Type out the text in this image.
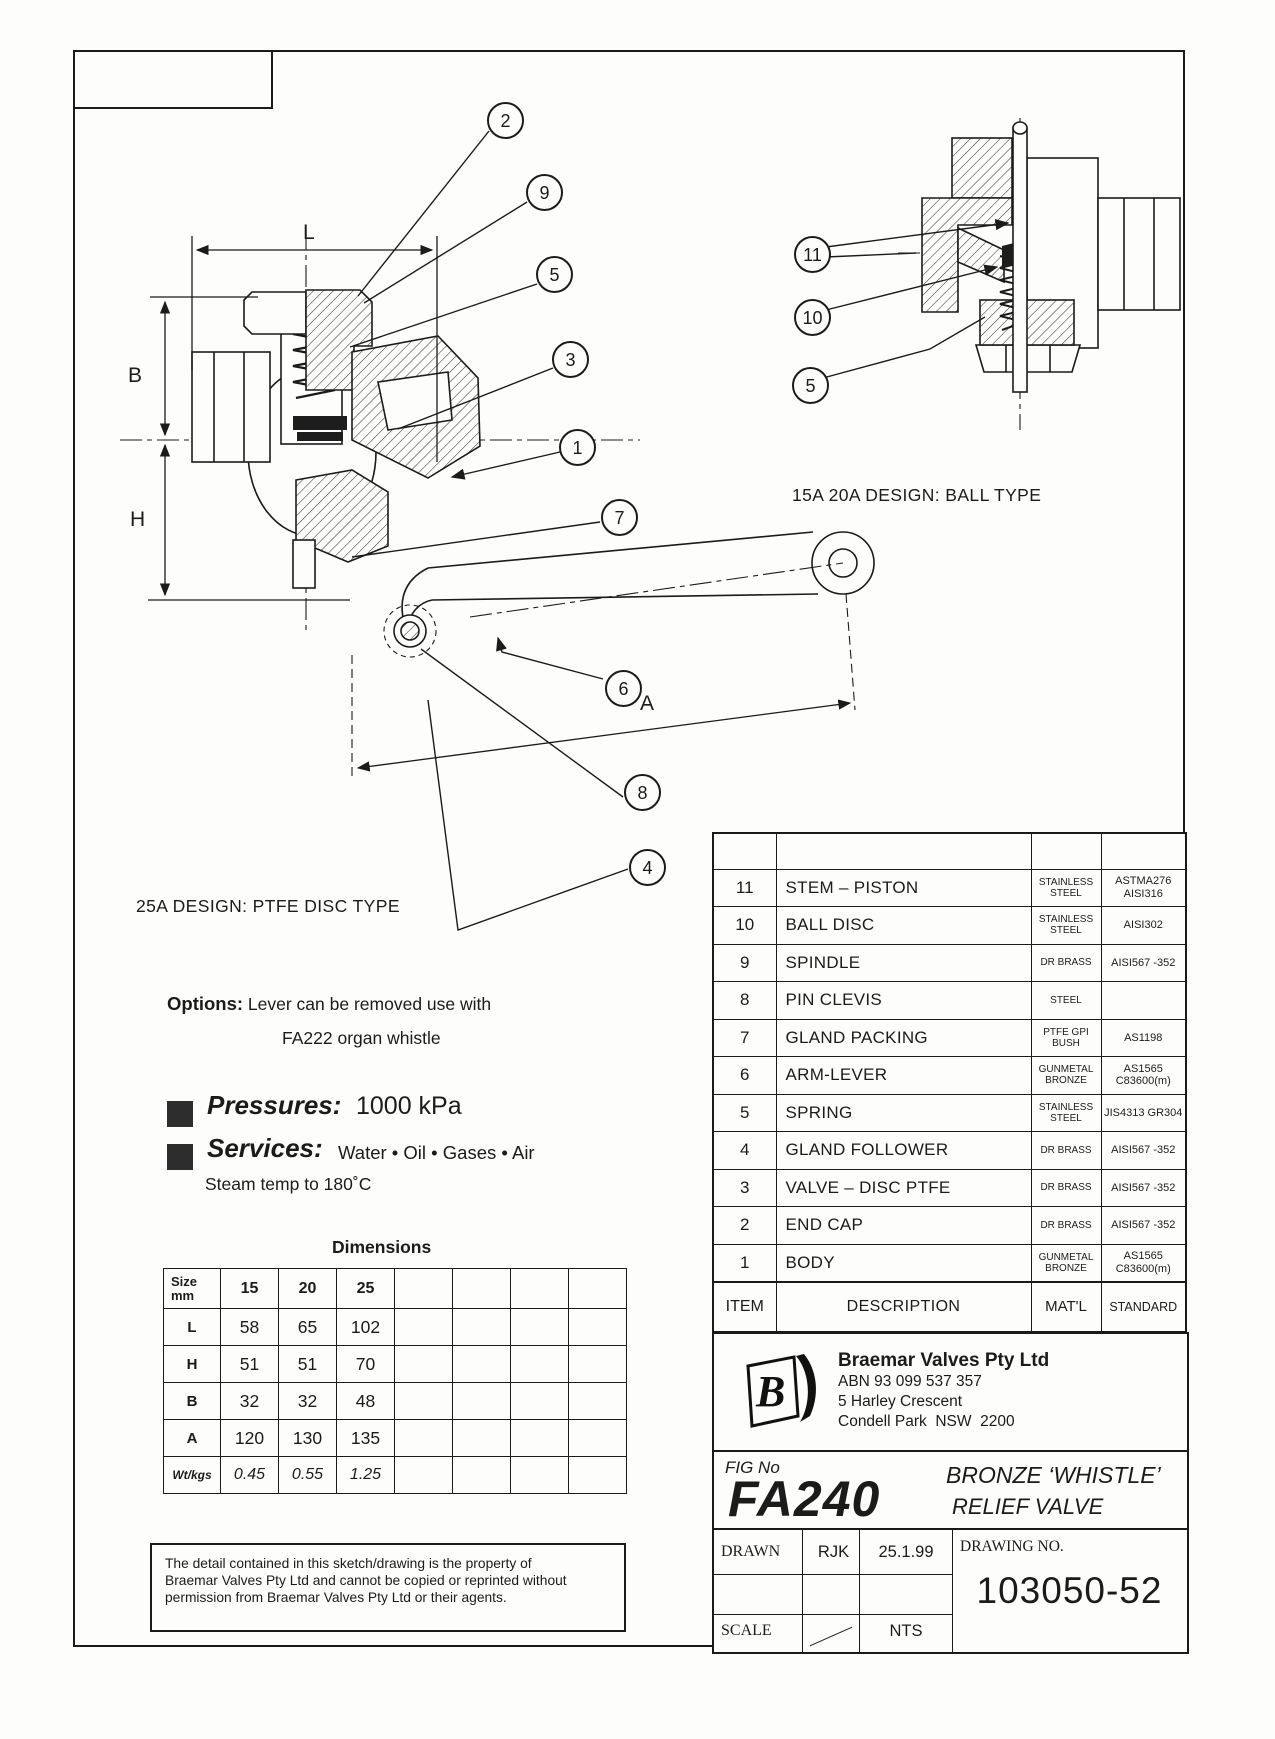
2
9
5
3
1
7
6
8
4
11
10
5
L
B
H
A
15A 20A DESIGN: BALL TYPE
25A DESIGN: PTFE DISC TYPE
Options: Lever can be removed use with
FA222 organ whistle
Pressures: 1000 kPa
Services: Water • Oil • Gases • Air
Steam temp to 180˚C
Dimensions
Size
mm	15	20	25				
L	58	65	102				
H	51	51	70				
B	32	32	48				
A	120	130	135				
Wt/kgs	0.45	0.55	1.25				

11	STEM – PISTON	STAINLESS STEEL	ASTMA276 AISI316
10	BALL DISC	STAINLESS STEEL	AISI302
9	SPINDLE	DR BRASS	AISI567 -352
8	PIN CLEVIS	STEEL	
7	GLAND PACKING	PTFE GPI BUSH	AS1198
6	ARM-LEVER	GUNMETAL BRONZE	AS1565 C83600(m)
5	SPRING	STAINLESS STEEL	JIS4313 GR304
4	GLAND FOLLOWER	DR BRASS	AISI567 -352
3	VALVE – DISC PTFE	DR BRASS	AISI567 -352
2	END CAP	DR BRASS	AISI567 -352
1	BODY	GUNMETAL BRONZE	AS1565 C83600(m)
ITEM	DESCRIPTION	MAT'L	STANDARD
B
Braemar Valves Pty Ltd
ABN 93 099 537 357
5 Harley Crescent
Condell Park  NSW  2200
FIG No
FA240	BRONZE ‘WHISTLE’
RELIEF VALVE
DRAWN	RJK	25.1.99	DRAWING NO.
103050-52
SCALE	NTS
The detail contained in this sketch/drawing is the property of
Braemar Valves Pty Ltd and cannot be copied or reprinted without
permission from Braemar Valves Pty Ltd or their agents.
